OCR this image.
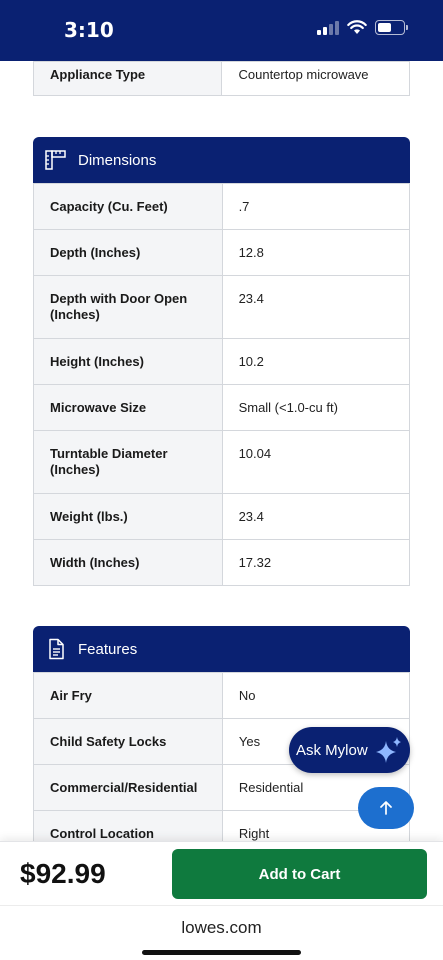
3:10
Appliance Type	Countertop microwave
Dimensions
Capacity (Cu. Feet)	.7
Depth (Inches)	12.8
Depth with Door Open (Inches)	23.4
Height (Inches)	10.2
Microwave Size	Small (<1.0-cu ft)
Turntable Diameter (Inches)	10.04
Weight (lbs.)	23.4
Width (Inches)	17.32
Features
Air Fry	No
Child Safety Locks	Yes
Commercial/Residential	Residential
Control Location	Right
Ask Mylow
$92.99	Add to Cart
lowes.com
